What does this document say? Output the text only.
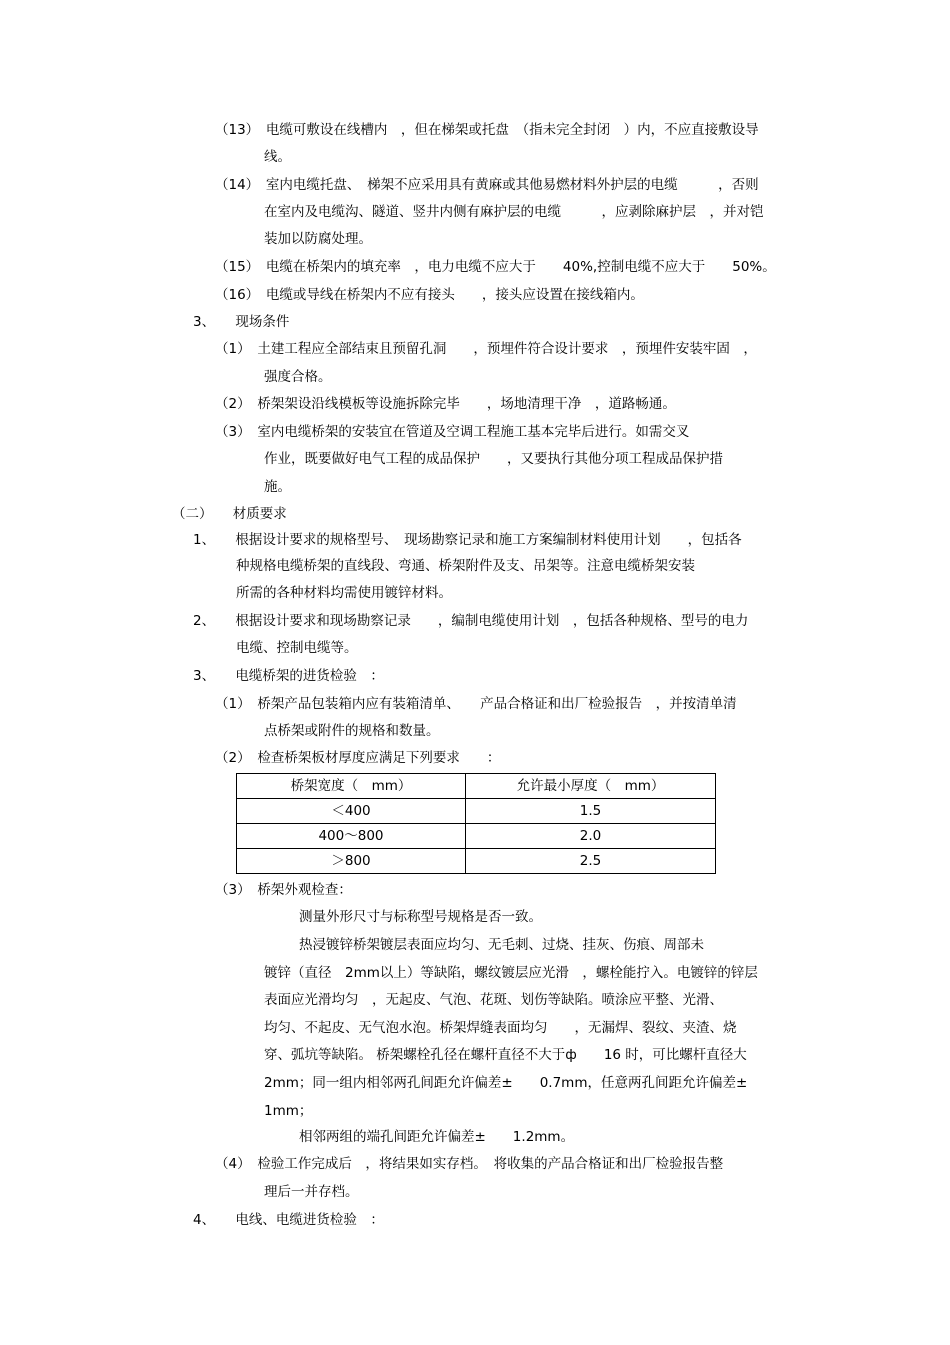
（13）　电缆可敷设在线槽内　，但在梯架或托盘　（指未完全封闭　）内，不应直接敷设导
线。
（14）　室内电缆托盘、　梯架不应采用具有黄麻或其他易燃材料外护层的电缆　　　，否则
在室内及电缆沟、隧道、竖井内侧有麻护层的电缆　　　，应剥除麻护层　，并对铠
装加以防腐处理。
（15）　电缆在桥架内的填充率　，电力电缆不应大于　　40%,控制电缆不应大于　　50%。
（16）　电缆或导线在桥架内不应有接头　　，接头应设置在接线箱内。
3、　　现场条件
（1）　土建工程应全部结束且预留孔洞　　，预埋件符合设计要求　，预埋件安装牢固　，
强度合格。
（2）　桥架架设沿线模板等设施拆除完毕　　，场地清理干净　，道路畅通。
（3）　室内电缆桥架的安装宜在管道及空调工程施工基本完毕后进行。如需交叉
作业，既要做好电气工程的成品保护　　，又要执行其他分项工程成品保护措
施。
（二）　　材质要求
1、　　根据设计要求的规格型号、　现场勘察记录和施工方案编制材料使用计划　　，包括各
种规格电缆桥架的直线段、弯通、桥架附件及支、吊架等。注意电缆桥架安装
所需的各种材料均需使用镀锌材料。
2、　　根据设计要求和现场勘察记录　　，编制电缆使用计划　，包括各种规格、型号的电力
电缆、控制电缆等。
3、　　电缆桥架的进货检验　：
（1）　桥架产品包装箱内应有装箱清单、　　产品合格证和出厂检验报告　，并按清单清
点桥架或附件的规格和数量。
（2）　检查桥架板材厚度应满足下列要求　　：
桥架宽度（　mm）	允许最小厚度（　mm）
＜400	1.5
400～800	2.0
＞800	2.5
（3）　桥架外观检查：
测量外形尺寸与标称型号规格是否一致。
热浸镀锌桥架镀层表面应均匀、无毛刺、过烧、挂灰、伤痕、周部未
镀锌（直径　2mm以上）等缺陷，螺纹镀层应光滑　，螺栓能拧入。电镀锌的锌层
表面应光滑均匀　，无起皮、气泡、花斑、划伤等缺陷。喷涂应平整、光滑、
均匀、不起皮、无气泡水泡。桥架焊缝表面均匀　　，无漏焊、裂纹、夹渣、烧
穿、弧坑等缺陷。 桥架螺栓孔径在螺杆直径不大于ф　　16 时，可比螺杆直径大
2mm；同一组内相邻两孔间距允许偏差±　　0.7mm，任意两孔间距允许偏差±
1mm；
相邻两组的端孔间距允许偏差±　　1.2mm。
（4）　检验工作完成后　，将结果如实存档。　将收集的产品合格证和出厂检验报告整
理后一并存档。
4、　　电线、电缆进货检验　：
